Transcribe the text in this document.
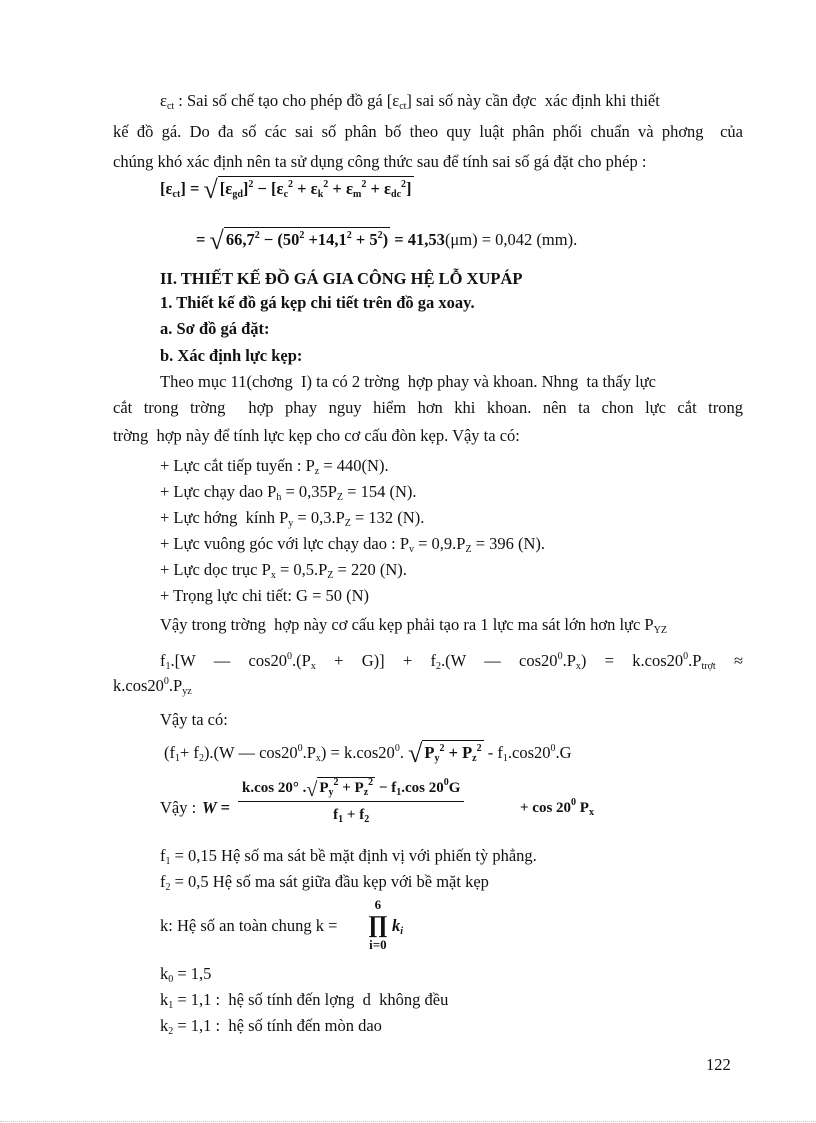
$\varepsilon_{ct}$ : Sai số chế tạo cho phép đồ gá $[\varepsilon_{ct}]$ sai số này cần đợc  xác định khi thiết
kế đồ gá. Do đa số các sai số phân bố theo quy luật phân phối chuẩn và phơng  của
chúng khó xác định nên ta sử dụng công thức sau để tính sai số gá đặt cho phép :
$[\varepsilon_{ct}]$ = √ $[\varepsilon_{gd}]^2 - [\varepsilon_c^2 + \varepsilon_k^2 + \varepsilon_m^2 + \varepsilon_{dc}^2]$
= √ $66,7^2 - (50^2 +14,1^2 + 5^2) = 41,53(\mu m) = 0,042$ (mm).
II. THIẾT KẾ ĐỒ GÁ GIA CÔNG HỆ LỖ XUPÁP
1. Thiết kế đồ gá kẹp chi tiết trên đồ ga xoay.
a. Sơ đồ gá đặt:
b. Xác định lực kẹp:
Theo mục 11(chơng  I) ta có 2 trờng  hợp phay và khoan. Nhng  ta thấy lực
cắt trong trờng  hợp phay nguy hiểm hơn khi khoan. nên ta chon lực cắt trong
trờng  hợp này để tính lực kẹp cho cơ cấu đòn kẹp. Vậy ta có:
+ Lực cắt tiếp tuyến : $P_z = 440(N)$.
+ Lực chạy dao $P_h = 0,35P_Z = 154$ (N).
+ Lực hớng  kính $P_y = 0,3.P_Z = 132$ (N).
+ Lực vuông góc với lực chạy dao : $P_v = 0,9.P_Z = 396$ (N).
+ Lực dọc trục $P_x = 0,5.P_Z = 220$ (N).
+ Trọng lực chi tiết: G = 50 (N)
Vậy trong trờng  hợp này cơ cấu kẹp phải tạo ra 1 lực ma sát lớn hơn lực $P_{YZ}$
$f_1.[W$ — $\cos 20^0.(P_x + G)] + f_2.(W$ — $\cos 20^0.P_x) = k.\cos 20^0.P_{trợt}$ ≈
$k.\cos 20^0.P_{yz}$
Vậy ta có:
$(f_1+ f_2).(W$ — $\cos 20^0.P_x) = k.\cos 20^0$. √ $P_y^2 + P_z^2 - f_1.\cos 20^0.G$
Vậy : $W = \frac{k.\cos 20^\circ .√ P_y^2 + P_z^2 - f_1.\cos 20^0G}{f_1 + f_2}$	+ $\cos 20^0$ $P_x$
$f_1 = 0,15$ Hệ số ma sát bề mặt định vị với phiến tỳ phẳng.
$f_2 = 0,5$ Hệ số ma sát giữa đầu kẹp với bề mặt kẹp
k: Hệ số an toàn chung k =
6
∏
i=0
$k_i$
$k_0 = 1,5$
$k_1 = 1,1$ :  hệ số tính đến lợng  d  không đều
$k_2 = 1,1$ :  hệ số tính đến mòn dao
122
